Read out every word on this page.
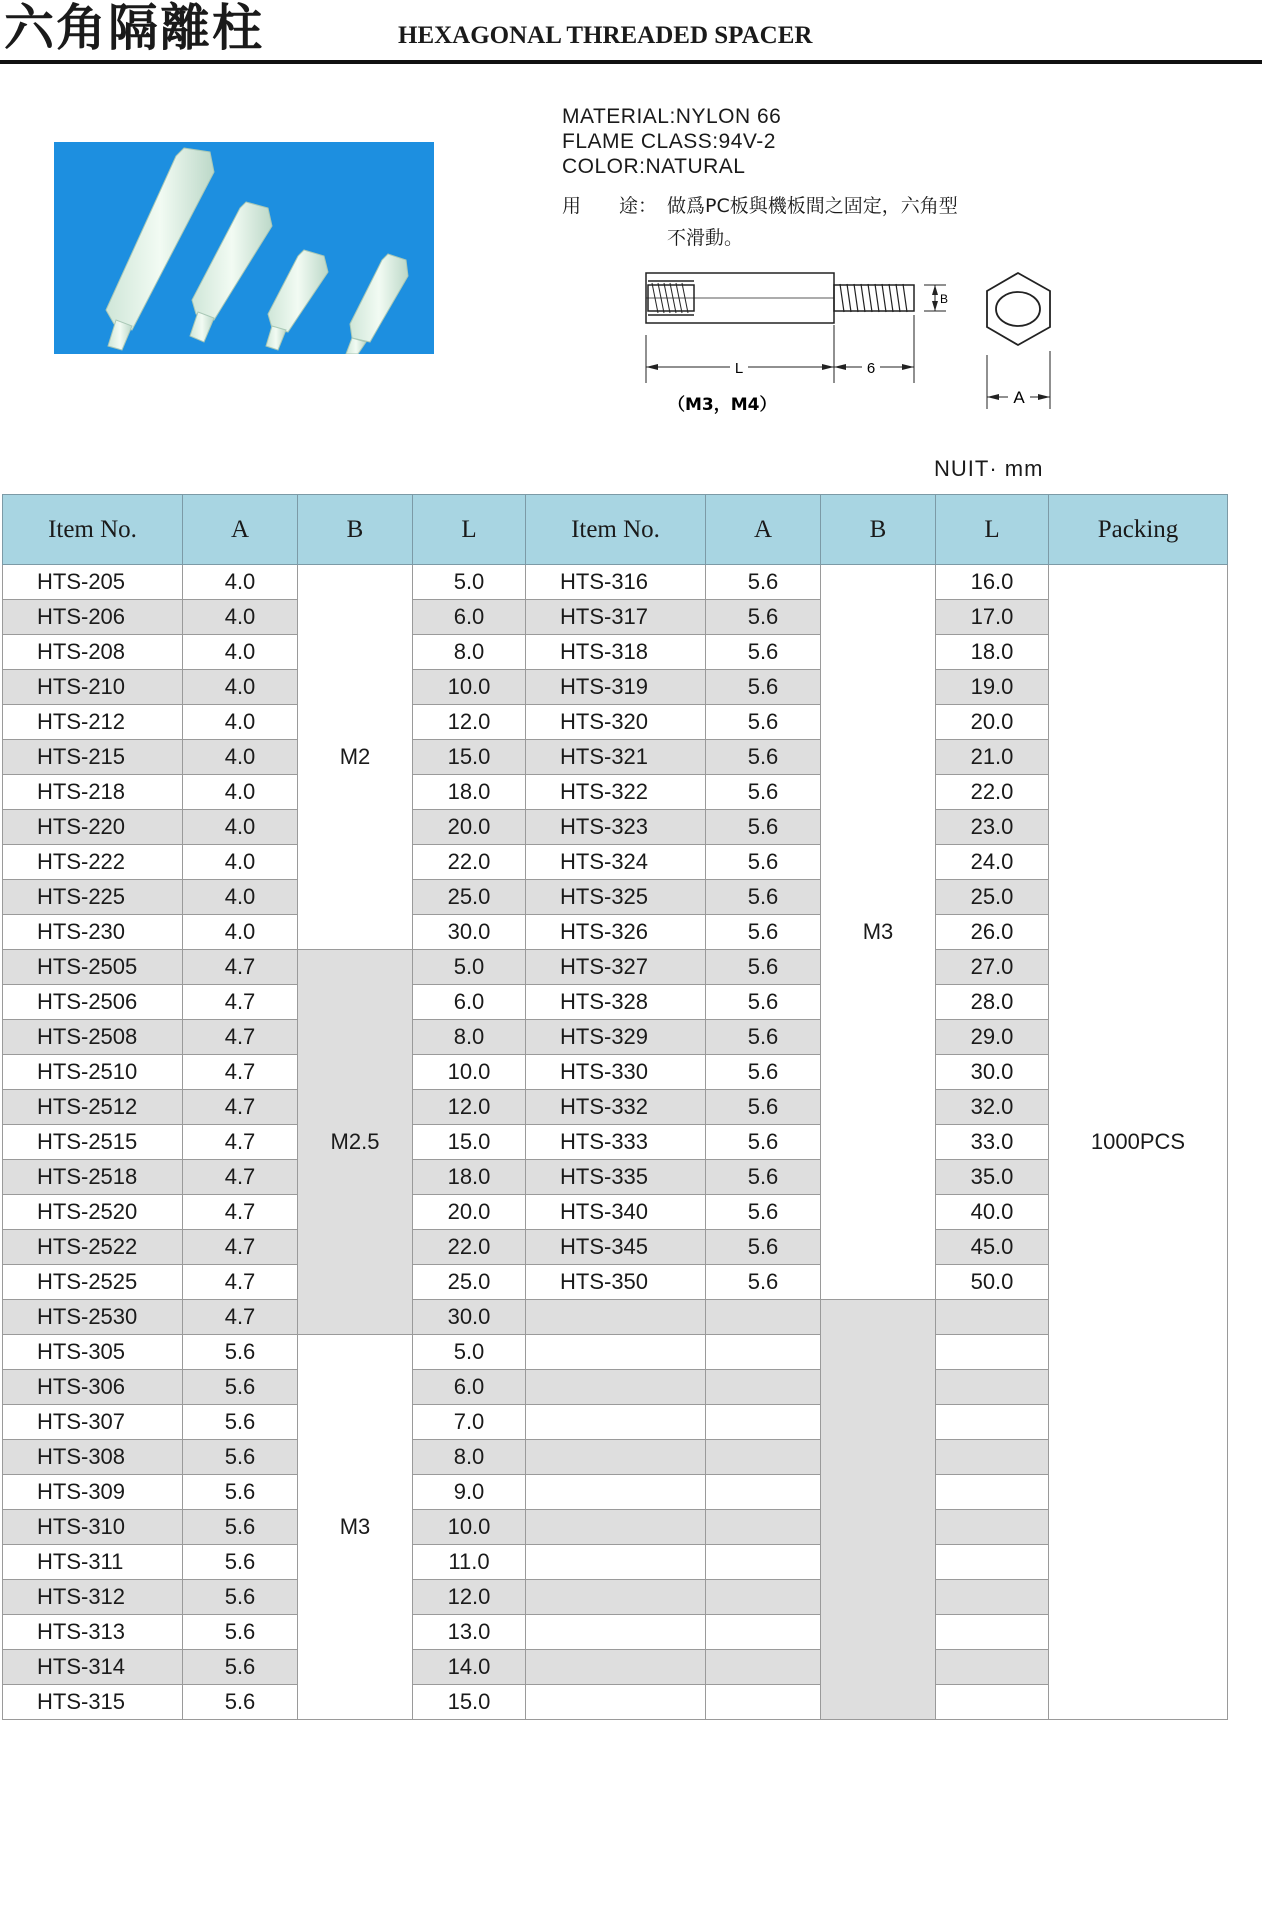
六角隔離柱	HEXAGONAL THREADED SPACER
MATERIAL:NYLON 66
FLAME CLASS:94V-2
COLOR:NATURAL
用　　途： 做爲PC板與機板間之固定，六角型
不滑動。
L	6
B
A
（M3，M4）
NUIT· mm
Item No.	A	B	L	Item No.	A	B	L	Packing
HTS-205	4.0	M2	5.0	HTS-316	5.6	M3	16.0	1000PCS
HTS-206	4.0		6.0	HTS-317	5.6		17.0	
HTS-208	4.0		8.0	HTS-318	5.6		18.0	
HTS-210	4.0		10.0	HTS-319	5.6		19.0	
HTS-212	4.0		12.0	HTS-320	5.6		20.0	
HTS-215	4.0		15.0	HTS-321	5.6		21.0	
HTS-218	4.0		18.0	HTS-322	5.6		22.0	
HTS-220	4.0		20.0	HTS-323	5.6		23.0	
HTS-222	4.0		22.0	HTS-324	5.6		24.0	
HTS-225	4.0		25.0	HTS-325	5.6		25.0	
HTS-230	4.0		30.0	HTS-326	5.6		26.0	
HTS-2505	4.7	M2.5	5.0	HTS-327	5.6		27.0	
HTS-2506	4.7		6.0	HTS-328	5.6		28.0	
HTS-2508	4.7		8.0	HTS-329	5.6		29.0	
HTS-2510	4.7		10.0	HTS-330	5.6		30.0	
HTS-2512	4.7		12.0	HTS-332	5.6		32.0	
HTS-2515	4.7		15.0	HTS-333	5.6		33.0	
HTS-2518	4.7		18.0	HTS-335	5.6		35.0	
HTS-2520	4.7		20.0	HTS-340	5.6		40.0	
HTS-2522	4.7		22.0	HTS-345	5.6		45.0	
HTS-2525	4.7		25.0	HTS-350	5.6		50.0	
HTS-2530	4.7		30.0					
HTS-305	5.6	M3	5.0					
HTS-306	5.6		6.0					
HTS-307	5.6		7.0					
HTS-308	5.6		8.0					
HTS-309	5.6		9.0					
HTS-310	5.6		10.0					
HTS-311	5.6		11.0					
HTS-312	5.6		12.0					
HTS-313	5.6		13.0					
HTS-314	5.6		14.0					
HTS-315	5.6		15.0					
